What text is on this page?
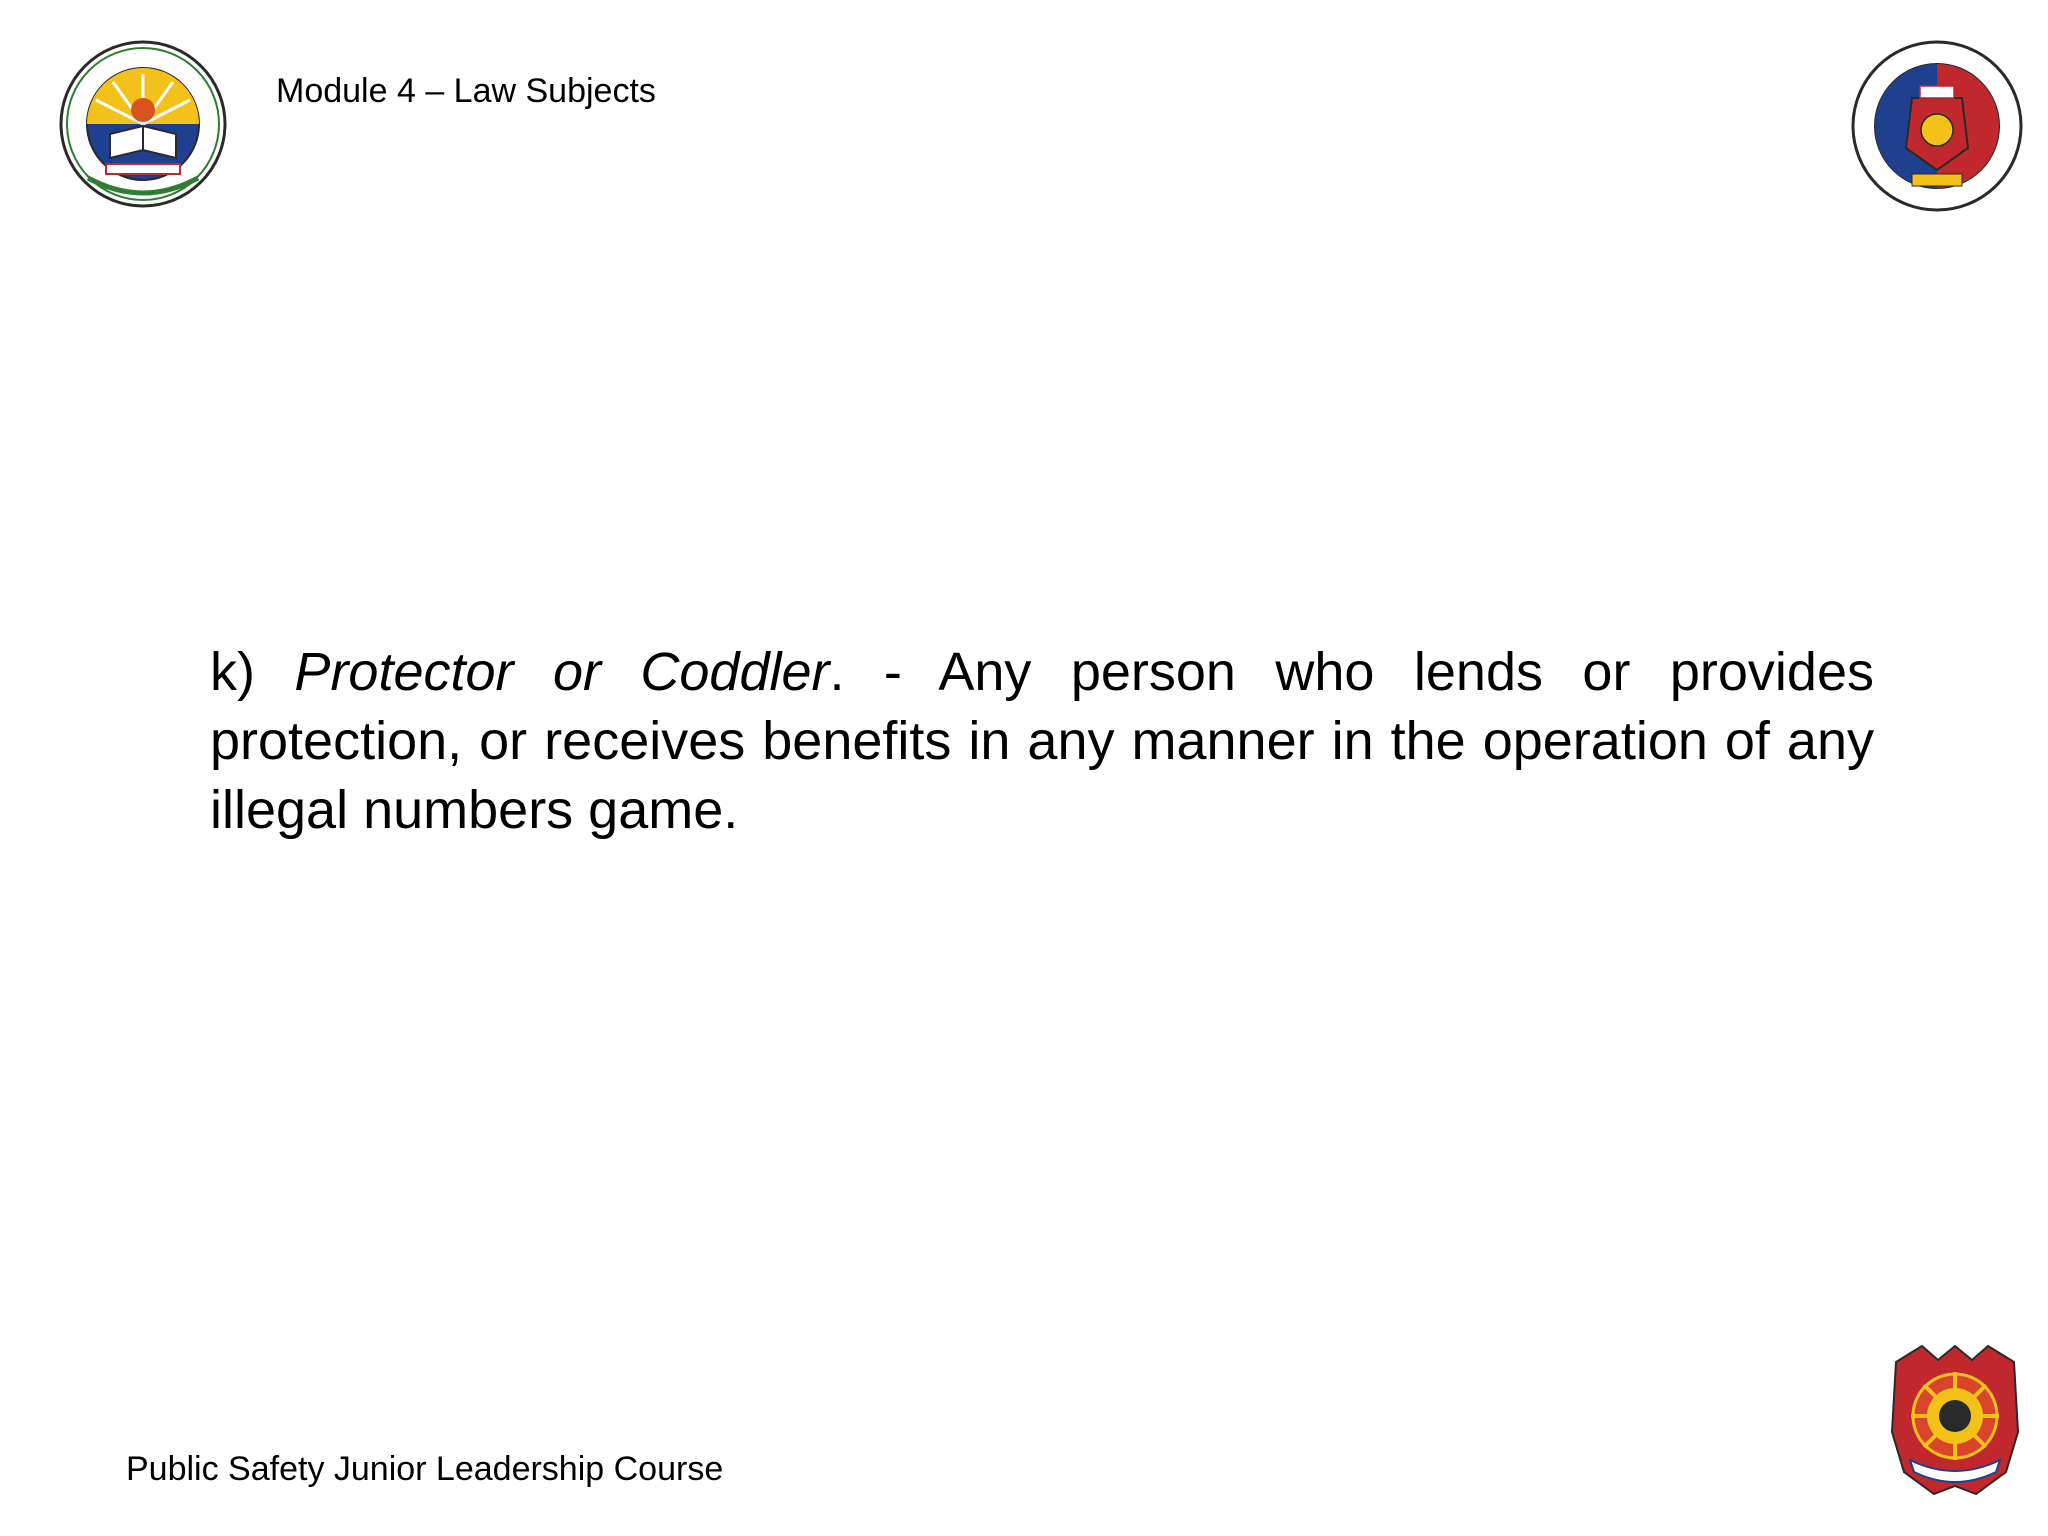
Module 4 – Law Subjects
k) Protector or Coddler. - Any person who lends or provides protection, or receives benefits in any manner in the operation of any illegal numbers game.
Public Safety Junior Leadership Course
